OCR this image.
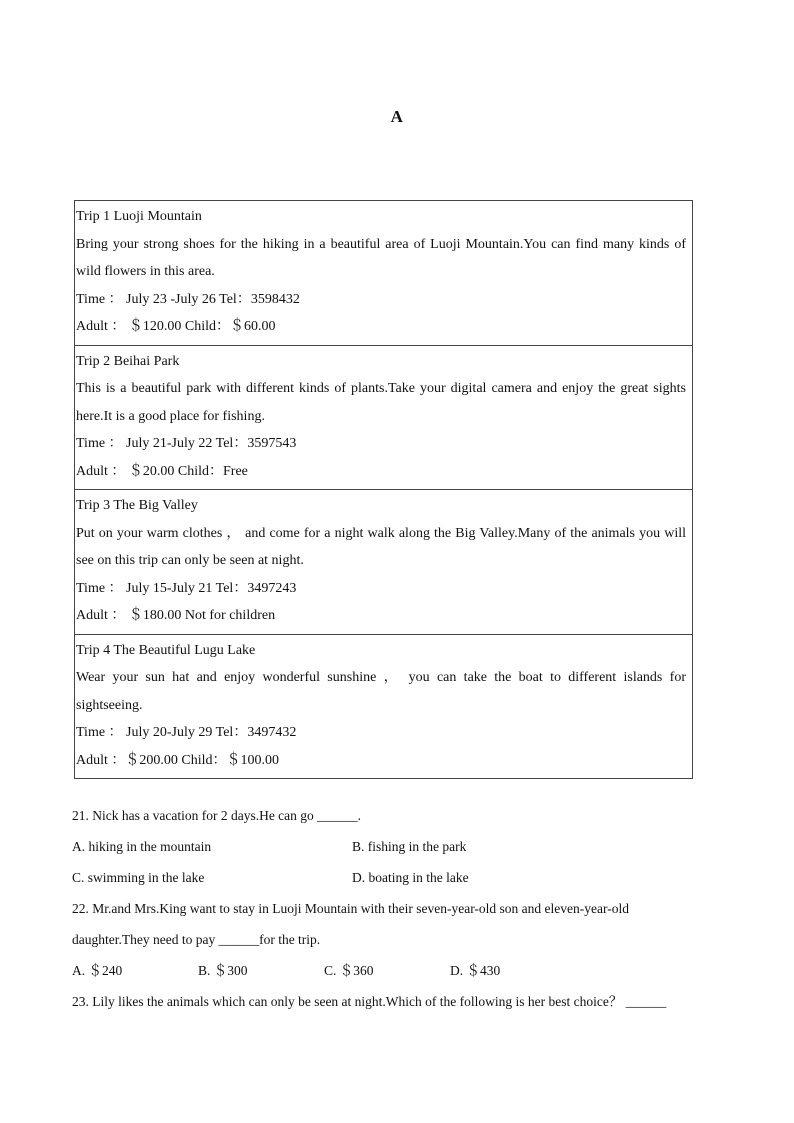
A
Trip 1 Luoji Mountain
Bring your strong shoes for the hiking in a beautiful area of Luoji Mountain.You can find many kinds of wild flowers in this area.
Time ： July 23 -July 26 Tel：3598432
Adult ： ＄120.00 Child：＄60.00
Trip 2 Beihai Park
This is a beautiful park with different kinds of plants.Take your digital camera and enjoy the great sights here.It is a good place for fishing.
Time ： July 21-July 22 Tel：3597543
Adult ： ＄20.00 Child：Free
Trip 3 The Big Valley
Put on your warm clothes ， and come for a night walk along the Big Valley.Many of the animals you will see on this trip can only be seen at night.
Time ： July 15-July 21 Tel：3497243
Adult ： ＄180.00 Not for children
Trip 4 The Beautiful Lugu Lake
Wear your sun hat and enjoy wonderful sunshine ， you can take the boat to different islands for sightseeing.
Time ： July 20-July 29 Tel：3497432
Adult ：＄200.00 Child：＄100.00
21. Nick has a vacation for 2 days.He can go ______.
A. hiking in the mountain	B. fishing in the park
C. swimming in the lake	D. boating in the lake
22. Mr.and Mrs.King want to stay in Luoji Mountain with their seven-year-old son and eleven-year-old daughter.They need to pay ______for the trip.
A. ＄240	B. ＄300	C. ＄360	D. ＄430
23. Lily likes the animals which can only be seen at night.Which of the following is her best choice？ ______
